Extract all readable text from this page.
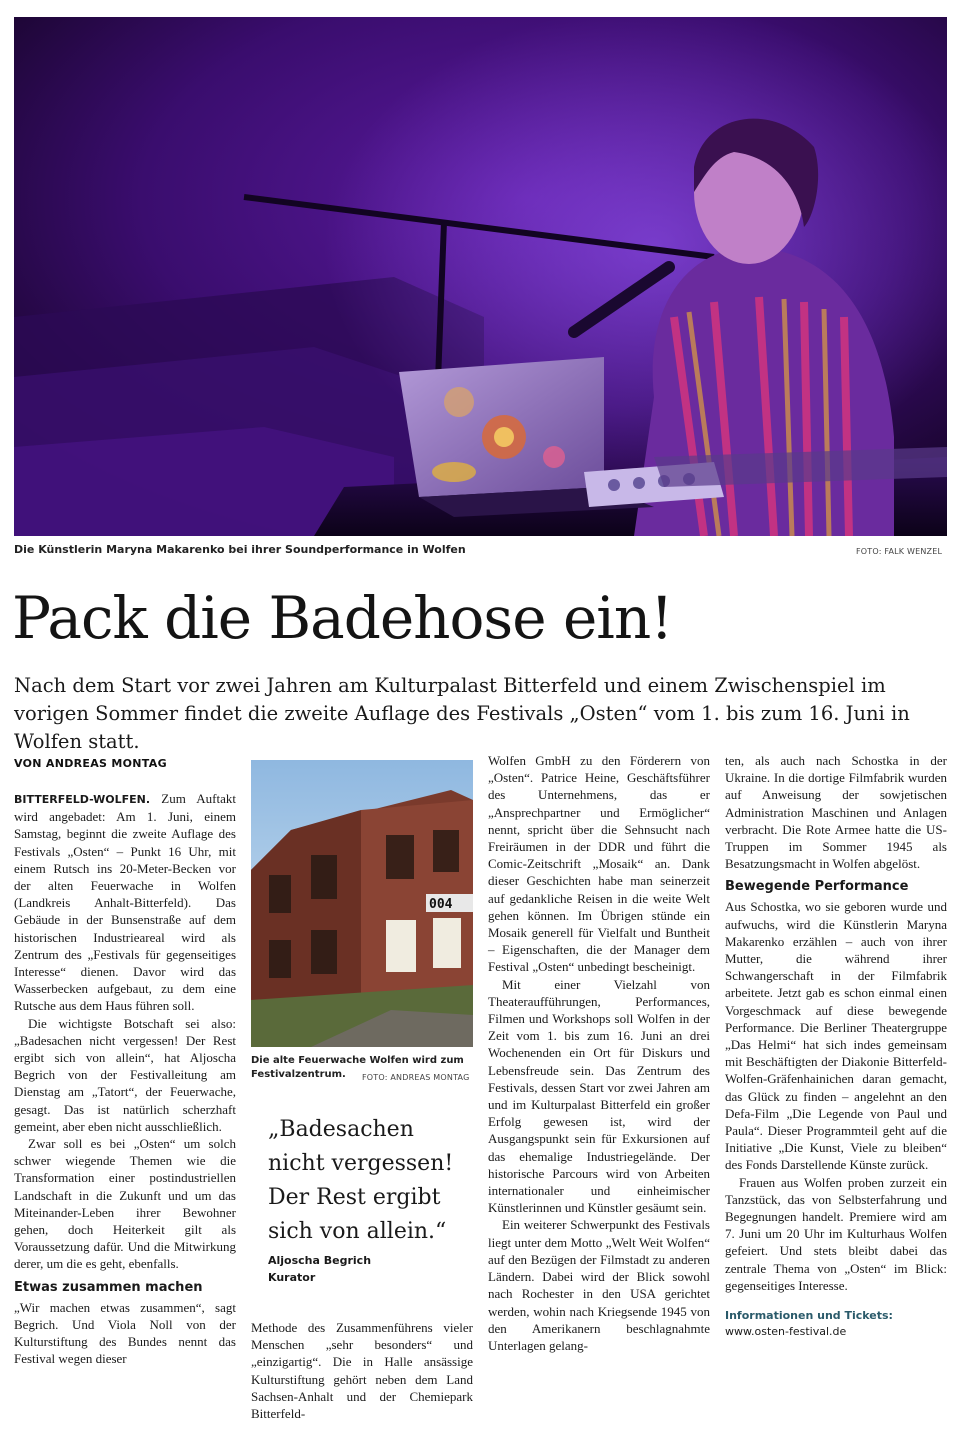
Die Künstlerin Maryna Makarenko bei ihrer Soundperformance in Wolfen	FOTO: FALK WENZEL
Pack die Badehose ein!

Nach dem Start vor zwei Jahren am Kulturpalast Bitterfeld und einem Zwischenspiel im vorigen Sommer findet die zweite Auflage des Festivals „Osten“ vom 1. bis zum 16. Juni in Wolfen statt.

VON ANDREAS MONTAG

BITTERFELD-WOLFEN. Zum Auftakt wird angebadet: Am 1. Juni, einem Samstag, beginnt die zweite Auflage des Festivals „Osten“ – Punkt 16 Uhr, mit einem Rutsch ins 20-Meter-Becken vor der alten Feuerwache in Wolfen (Landkreis Anhalt-Bitterfeld). Das Gebäude in der Bunsenstraße auf dem historischen Industrieareal wird als Zentrum des „Festivals für gegenseitiges Interesse“ dienen. Davor wird das Wasserbecken aufgebaut, zu dem eine Rutsche aus dem Haus führen soll.

Die wichtigste Botschaft sei also: „Badesachen nicht vergessen! Der Rest ergibt sich von allein“, hat Aljoscha Begrich von der Festivalleitung am Dienstag am „Tatort“, der Feuerwache, gesagt. Das ist natürlich scherzhaft gemeint, aber eben nicht ausschließlich.

Zwar soll es bei „Osten“ um solch schwer wiegende Themen wie die Transformation einer postindustriellen Landschaft in die Zukunft und um das Miteinander-Leben ihrer Bewohner gehen, doch Heiterkeit gilt als Voraussetzung dafür. Und die Mitwirkung derer, um die es geht, ebenfalls.

Etwas zusammen machen

„Wir machen etwas zusammen“, sagt Begrich. Und Viola Noll von der Kulturstiftung des Bundes nennt das Festival wegen dieser

004
Die alte Feuerwache Wolfen wird zum Festivalzentrum.	FOTO: ANDREAS MONTAG

„Badesachen nicht vergessen! Der Rest ergibt sich von allein.“

Aljoscha Begrich
Kurator

Methode des Zusammenführens vieler Menschen „sehr besonders“ und „einzigartig“. Die in Halle ansässige Kulturstiftung gehört neben dem Land Sachsen-Anhalt und der Chemiepark Bitterfeld-

Wolfen GmbH zu den Förderern von „Osten“. Patrice Heine, Geschäftsführer des Unternehmens, das er „Ansprechpartner und Ermöglicher“ nennt, spricht über die Sehnsucht nach Freiräumen in der DDR und führt die Comic-Zeitschrift „Mosaik“ an. Dank dieser Geschichten habe man seinerzeit auf gedankliche Reisen in die weite Welt gehen können. Im Übrigen stünde ein Mosaik generell für Vielfalt und Buntheit – Eigenschaften, die der Manager dem Festival „Osten“ unbedingt bescheinigt.

Mit einer Vielzahl von Theateraufführungen, Performances, Filmen und Workshops soll Wolfen in der Zeit vom 1. bis zum 16. Juni an drei Wochenenden ein Ort für Diskurs und Lebensfreude sein. Das Zentrum des Festivals, dessen Start vor zwei Jahren am und im Kulturpalast Bitterfeld ein großer Erfolg gewesen ist, wird der Ausgangspunkt sein für Exkursionen auf das ehemalige Industriegelände. Der historische Parcours wird von Arbeiten internationaler und einheimischer Künstlerinnen und Künstler gesäumt sein.

Ein weiterer Schwerpunkt des Festivals liegt unter dem Motto „Welt Weit Wolfen“ auf den Bezügen der Filmstadt zu anderen Ländern. Dabei wird der Blick sowohl nach Rochester in den USA gerichtet werden, wohin nach Kriegsende 1945 von den Amerikanern beschlagnahmte Unterlagen gelang-

ten, als auch nach Schostka in der Ukraine. In die dortige Filmfabrik wurden auf Anweisung der sowjetischen Administration Maschinen und Anlagen verbracht. Die Rote Armee hatte die US-Truppen im Sommer 1945 als Besatzungsmacht in Wolfen abgelöst.

Bewegende Performance

Aus Schostka, wo sie geboren wurde und aufwuchs, wird die Künstlerin Maryna Makarenko erzählen – auch von ihrer Mutter, die während ihrer Schwangerschaft in der Filmfabrik arbeitete. Jetzt gab es schon einmal einen Vorgeschmack auf diese bewegende Performance. Die Berliner Theatergruppe „Das Helmi“ hat sich indes gemeinsam mit Beschäftigten der Diakonie Bitterfeld-Wolfen-Gräfenhainichen daran gemacht, das Glück zu finden – angelehnt an den Defa-Film „Die Legende von Paul und Paula“. Dieser Programmteil geht auf die Initiative „Die Kunst, Viele zu bleiben“ des Fonds Darstellende Künste zurück.

Frauen aus Wolfen proben zurzeit ein Tanzstück, das von Selbsterfahrung und Begegnungen handelt. Premiere wird am 7. Juni um 20 Uhr im Kulturhaus Wolfen gefeiert. Und stets bleibt dabei das zentrale Thema von „Osten“ im Blick: gegenseitiges Interesse.

Informationen und Tickets:

www.osten-festival.de
